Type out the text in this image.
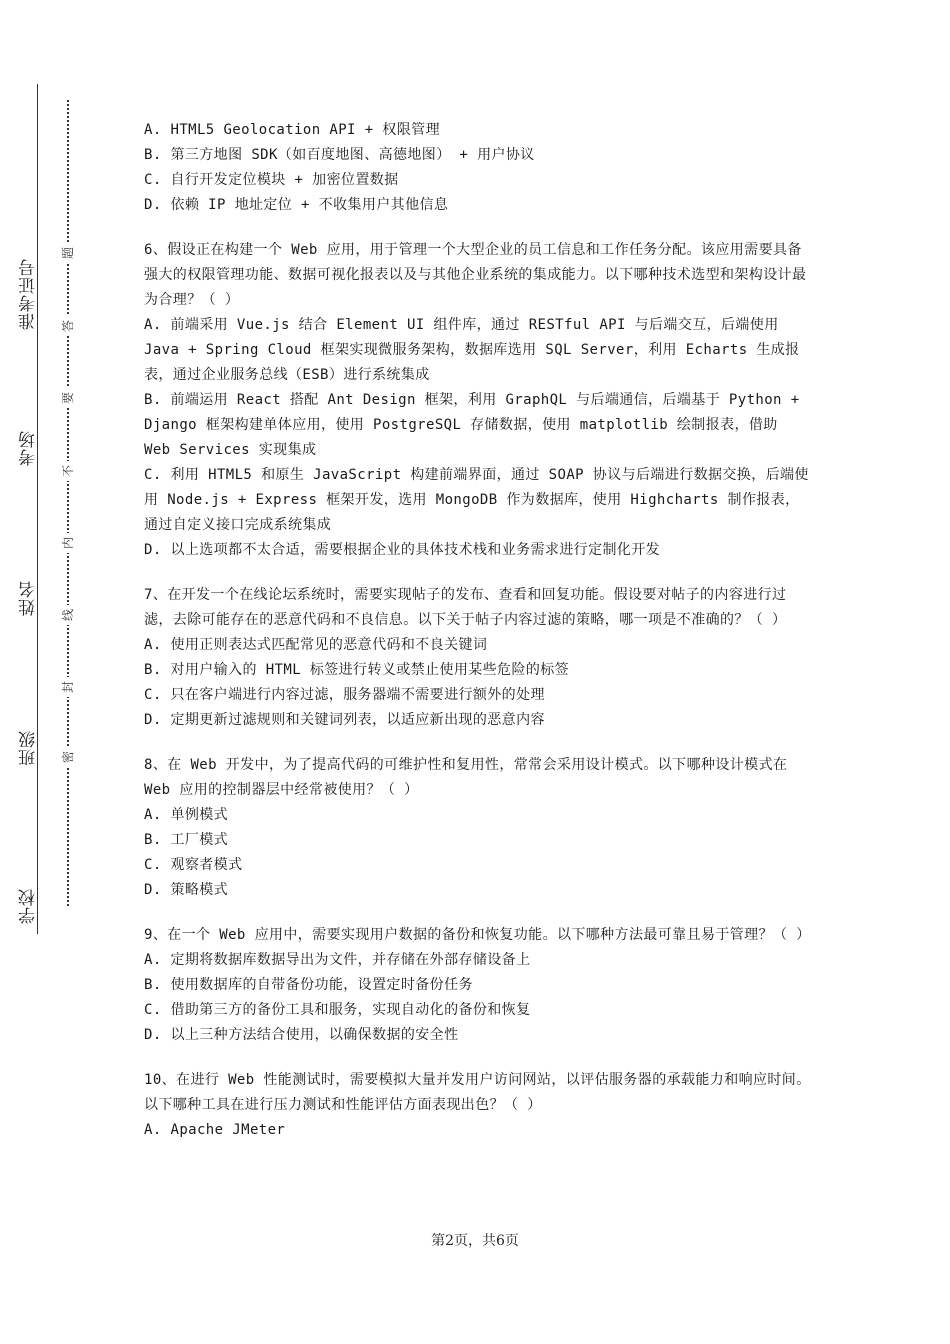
准考证号
考场
姓名
班级
学校
题
答
要
不
内
线
封
密
A. HTML5 Geolocation API + 权限管理
B. 第三方地图 SDK（如百度地图、高德地图） + 用户协议
C. 自行开发定位模块 + 加密位置数据
D. 依赖 IP 地址定位 + 不收集用户其他信息
6、假设正在构建一个 Web 应用，用于管理一个大型企业的员工信息和工作任务分配。该应用需要具备强大的权限管理功能、数据可视化报表以及与其他企业系统的集成能力。以下哪种技术选型和架构设计最为合理？（ ）
A. 前端采用 Vue.js 结合 Element UI 组件库，通过 RESTful API 与后端交互，后端使用 Java + Spring Cloud 框架实现微服务架构，数据库选用 SQL Server，利用 Echarts 生成报表，通过企业服务总线（ESB）进行系统集成
B. 前端运用 React 搭配 Ant Design 框架，利用 GraphQL 与后端通信，后端基于 Python + Django 框架构建单体应用，使用 PostgreSQL 存储数据，使用 matplotlib 绘制报表，借助 Web Services 实现集成
C. 利用 HTML5 和原生 JavaScript 构建前端界面，通过 SOAP 协议与后端进行数据交换，后端使用 Node.js + Express 框架开发，选用 MongoDB 作为数据库，使用 Highcharts 制作报表，通过自定义接口完成系统集成
D. 以上选项都不太合适，需要根据企业的具体技术栈和业务需求进行定制化开发
7、在开发一个在线论坛系统时，需要实现帖子的发布、查看和回复功能。假设要对帖子的内容进行过滤，去除可能存在的恶意代码和不良信息。以下关于帖子内容过滤的策略，哪一项是不准确的？（ ）
A. 使用正则表达式匹配常见的恶意代码和不良关键词
B. 对用户输入的 HTML 标签进行转义或禁止使用某些危险的标签
C. 只在客户端进行内容过滤，服务器端不需要进行额外的处理
D. 定期更新过滤规则和关键词列表，以适应新出现的恶意内容
8、在 Web 开发中，为了提高代码的可维护性和复用性，常常会采用设计模式。以下哪种设计模式在 Web 应用的控制器层中经常被使用？（ ）
A. 单例模式
B. 工厂模式
C. 观察者模式
D. 策略模式
9、在一个 Web 应用中，需要实现用户数据的备份和恢复功能。以下哪种方法最可靠且易于管理？（ ）
A. 定期将数据库数据导出为文件，并存储在外部存储设备上
B. 使用数据库的自带备份功能，设置定时备份任务
C. 借助第三方的备份工具和服务，实现自动化的备份和恢复
D. 以上三种方法结合使用，以确保数据的安全性
10、在进行 Web 性能测试时，需要模拟大量并发用户访问网站，以评估服务器的承载能力和响应时间。以下哪种工具在进行压力测试和性能评估方面表现出色？（ ）
A. Apache JMeter
第2页，共6页
